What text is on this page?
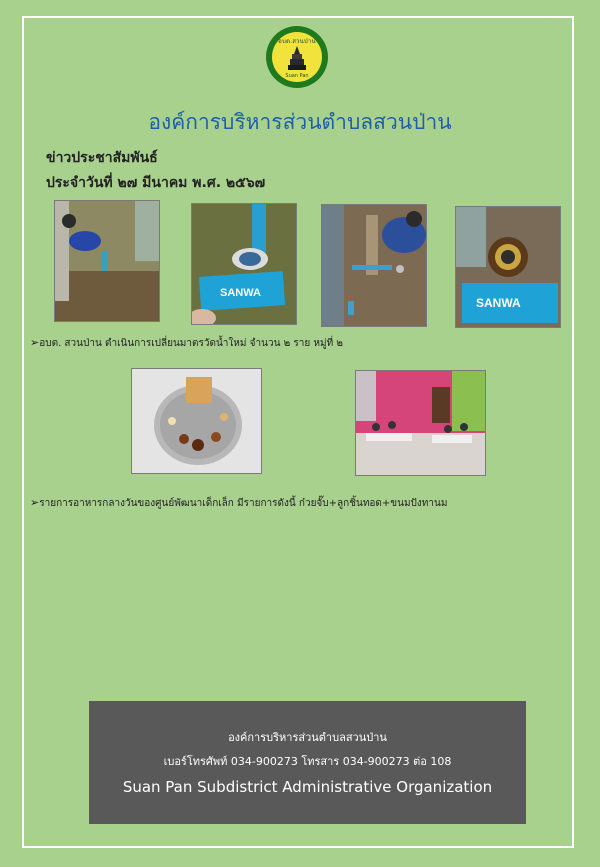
อบต.สวนป่าน
Suan Pan
องค์การบริหารส่วนตำบลสวนป่าน
ข่าวประชาสัมพันธ์
ประจำวันที่ ๒๗ มีนาคม พ.ศ. ๒๕๖๗
SANWA
SANWA
➢อบต. สวนป่าน ดำเนินการเปลี่ยนมาตรวัดน้ำใหม่ จำนวน ๒ ราย หมู่ที่ ๒
➢รายการอาหารกลางวันของศูนย์พัฒนาเด็กเล็ก มีรายการดังนี้ ก๋วยจั๊บ+ลูกชิ้นทอด+ขนมปังทานม
องค์การบริหารส่วนตำบลสวนป่าน
เบอร์โทรศัพท์ 034-900273 โทรสาร 034-900273 ต่อ 108
Suan Pan Subdistrict Administrative Organization
